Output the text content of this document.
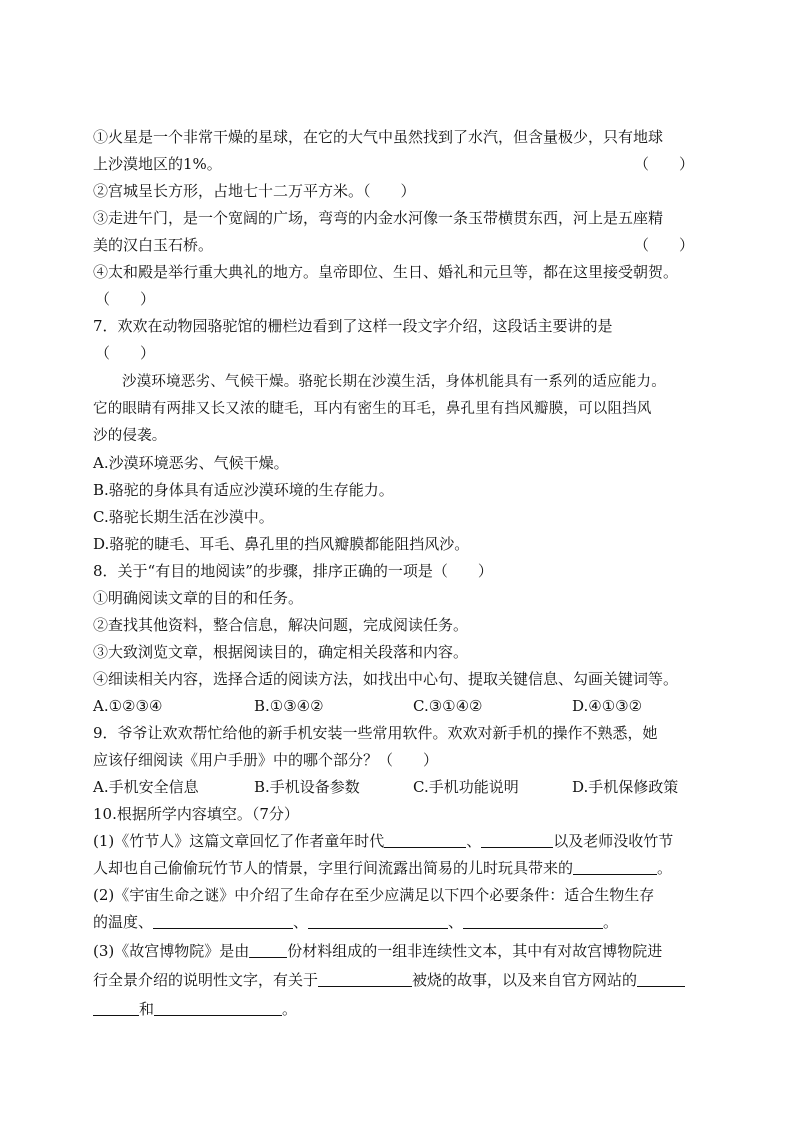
①火星是一个非常干燥的星球，在它的大气中虽然找到了水汽，但含量极少，只有地球
上沙漠地区的1%。	（　　）
②宫城呈长方形，占地七十二万平方米。（　　）
③走进午门，是一个宽阔的广场，弯弯的内金水河像一条玉带横贯东西，河上是五座精
美的汉白玉石桥。	（　　）
④太和殿是举行重大典礼的地方。皇帝即位、生日、婚礼和元旦等，都在这里接受朝贺。
（　　）
7．欢欢在动物园骆驼馆的栅栏边看到了这样一段文字介绍，这段话主要讲的是
（　　）
沙漠环境恶劣、气候干燥。骆驼长期在沙漠生活，身体机能具有一系列的适应能力。
它的眼睛有两排又长又浓的睫毛，耳内有密生的耳毛，鼻孔里有挡风瓣膜，可以阻挡风
沙的侵袭。
A.沙漠环境恶劣、气候干燥。
B.骆驼的身体具有适应沙漠环境的生存能力。
C.骆驼长期生活在沙漠中。
D.骆驼的睫毛、耳毛、鼻孔里的挡风瓣膜都能阻挡风沙。
8．关于“有目的地阅读”的步骤，排序正确的一项是（　　）
①明确阅读文章的目的和任务。
②查找其他资料，整合信息，解决问题，完成阅读任务。
③大致浏览文章，根据阅读目的，确定相关段落和内容。
④细读相关内容，选择合适的阅读方法，如找出中心句、提取关键信息、勾画关键词等。
A.①②③④	B.①③④②	C.③①④②	D.④①③②
9．爷爷让欢欢帮忙给他的新手机安装一些常用软件。欢欢对新手机的操作不熟悉，她
应该仔细阅读《用户手册》中的哪个部分？（　　）
A.手机安全信息	B.手机设备参数	C.手机功能说明	D.手机保修政策
10.根据所学内容填空。（7分）
(1)《竹节人》这篇文章回忆了作者童年时代	、	以及老师没收竹节
人却也自己偷偷玩竹节人的情景，字里行间流露出简易的儿时玩具带来的	。
(2)《宇宙生命之谜》中介绍了生命存在至少应满足以下四个必要条件：适合生物生存
的温度、	、	、	。
(3)《故宫博物院》是由	份材料组成的一组非连续性文本，其中有对故宫博物院进
行全景介绍的说明性文字，有关于	被烧的故事，以及来自官方网站的
和	。
